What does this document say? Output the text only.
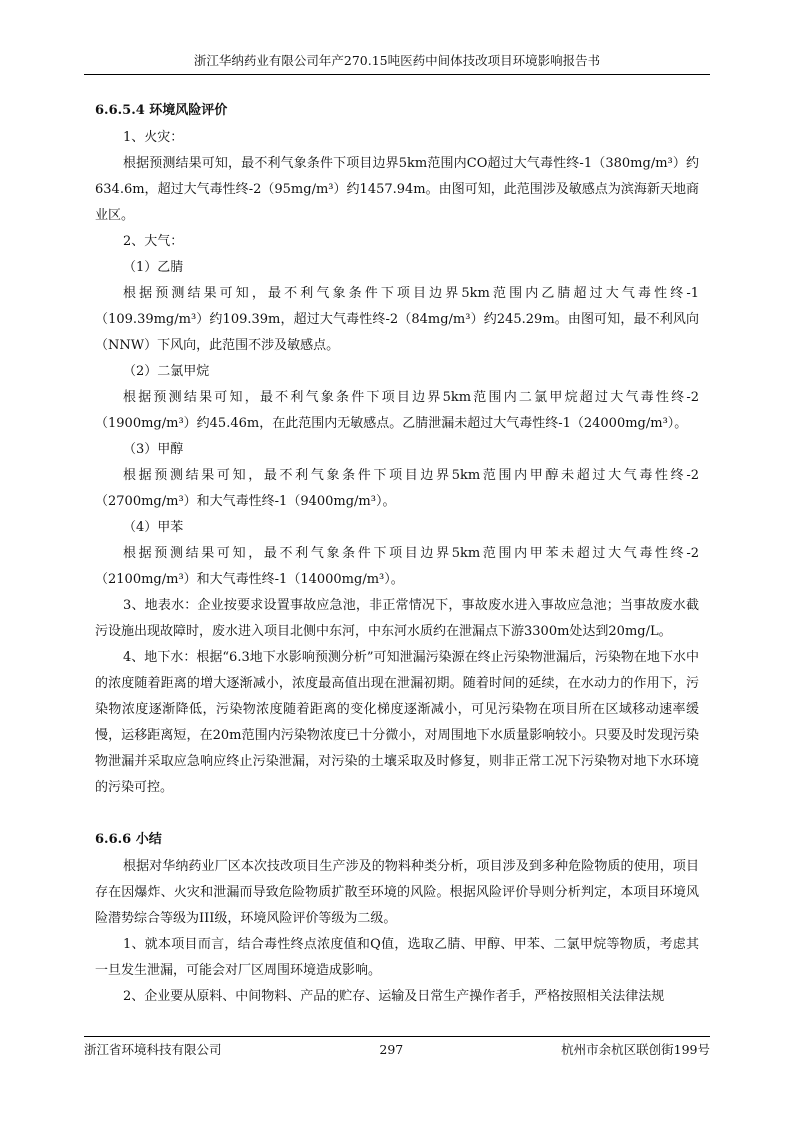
浙江华纳药业有限公司年产270.15吨医药中间体技改项目环境影响报告书
6.6.5.4 环境风险评价

1、火灾：

根据预测结果可知，最不利气象条件下项目边界5km范围内CO超过大气毒性终-1（380mg/m³）约634.6m，超过大气毒性终-2（95mg/m³）约1457.94m。由图可知，此范围涉及敏感点为滨海新天地商业区。

2、大气：

（1）乙腈

根据预测结果可知，最不利气象条件下项目边界5km范围内乙腈超过大气毒性终-1（109.39mg/m³）约109.39m，超过大气毒性终-2（84mg/m³）约245.29m。由图可知，最不利风向（NNW）下风向，此范围不涉及敏感点。

（2）二氯甲烷

根据预测结果可知，最不利气象条件下项目边界5km范围内二氯甲烷超过大气毒性终-2（1900mg/m³）约45.46m，在此范围内无敏感点。乙腈泄漏未超过大气毒性终-1（24000mg/m³）。

（3）甲醇

根据预测结果可知，最不利气象条件下项目边界5km范围内甲醇未超过大气毒性终-2（2700mg/m³）和大气毒性终-1（9400mg/m³）。

（4）甲苯

根据预测结果可知，最不利气象条件下项目边界5km范围内甲苯未超过大气毒性终-2（2100mg/m³）和大气毒性终-1（14000mg/m³）。

3、地表水：企业按要求设置事故应急池，非正常情况下，事故废水进入事故应急池；当事故废水截污设施出现故障时，废水进入项目北侧中东河，中东河水质约在泄漏点下游3300m处达到20mg/L。

4、地下水：根据“6.3地下水影响预测分析”可知泄漏污染源在终止污染物泄漏后，污染物在地下水中的浓度随着距离的增大逐渐减小，浓度最高值出现在泄漏初期。随着时间的延续，在水动力的作用下，污染物浓度逐渐降低，污染物浓度随着距离的变化梯度逐渐减小，可见污染物在项目所在区域移动速率缓慢，运移距离短，在20m范围内污染物浓度已十分微小，对周围地下水质量影响较小。只要及时发现污染物泄漏并采取应急响应终止污染泄漏，对污染的土壤采取及时修复，则非正常工况下污染物对地下水环境的污染可控。

6.6.6 小结

根据对华纳药业厂区本次技改项目生产涉及的物料种类分析，项目涉及到多种危险物质的使用，项目存在因爆炸、火灾和泄漏而导致危险物质扩散至环境的风险。根据风险评价导则分析判定，本项目环境风险潜势综合等级为III级，环境风险评价等级为二级。

1、就本项目而言，结合毒性终点浓度值和Q值，选取乙腈、甲醇、甲苯、二氯甲烷等物质，考虑其一旦发生泄漏，可能会对厂区周围环境造成影响。

2、企业要从原料、中间物料、产品的贮存、运输及日常生产操作者手，严格按照相关法律法规

浙江省环境科技有限公司	297	杭州市余杭区联创街199号
